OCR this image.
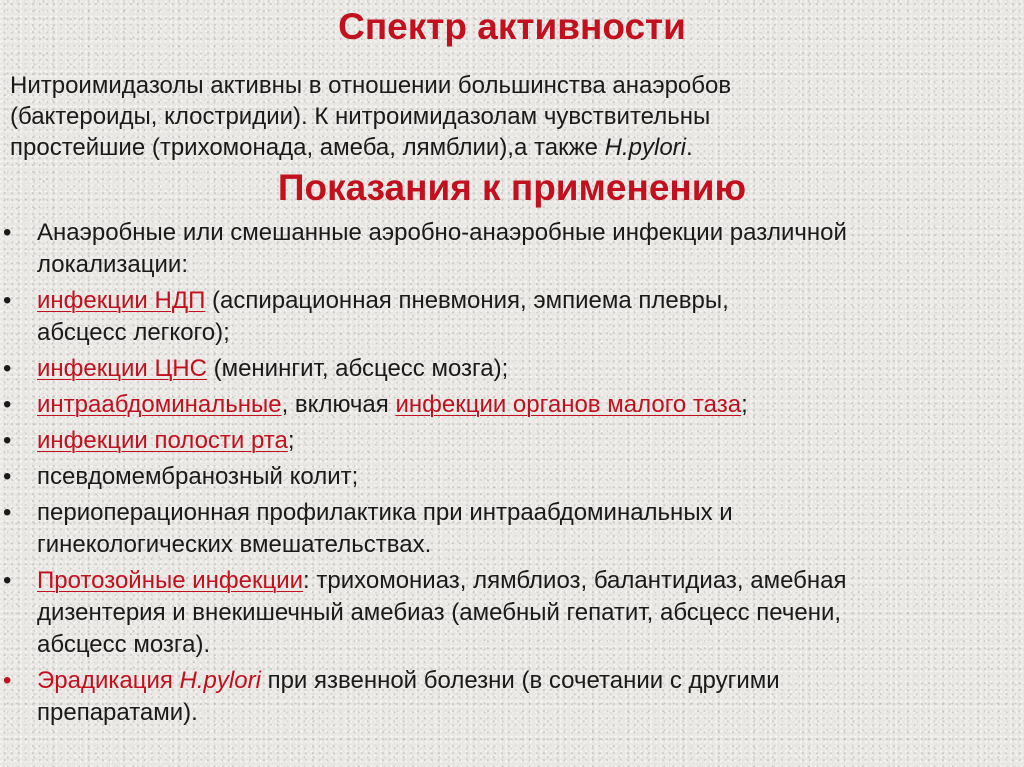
Спектр активности

Нитроимидазолы активны в отношении большинства анаэробов
(бактероиды, клостридии). К нитроимидазолам чувствительны
простейшие (трихомонада, амеба, лямблии),а также H.pylori.

Показания к применению
• Анаэробные или смешанные аэробно-анаэробные инфекции различной
локализации:
• инфекции НДП (аспирационная пневмония, эмпиема плевры,
абсцесс легкого);
• инфекции ЦНС (менингит, абсцесс мозга);
• интраабдоминальные, включая инфекции органов малого таза;
• инфекции полости рта;
• псевдомембранозный колит;
• периоперационная профилактика при интраабдоминальных и
гинекологических вмешательствах.
• Протозойные инфекции: трихомониаз, лямблиоз, балантидиаз, амебная
дизентерия и внекишечный амебиаз (амебный гепатит, абсцесс печени,
абсцесс мозга).
• Эрадикация H.pylori при язвенной болезни (в сочетании с другими
препаратами).
